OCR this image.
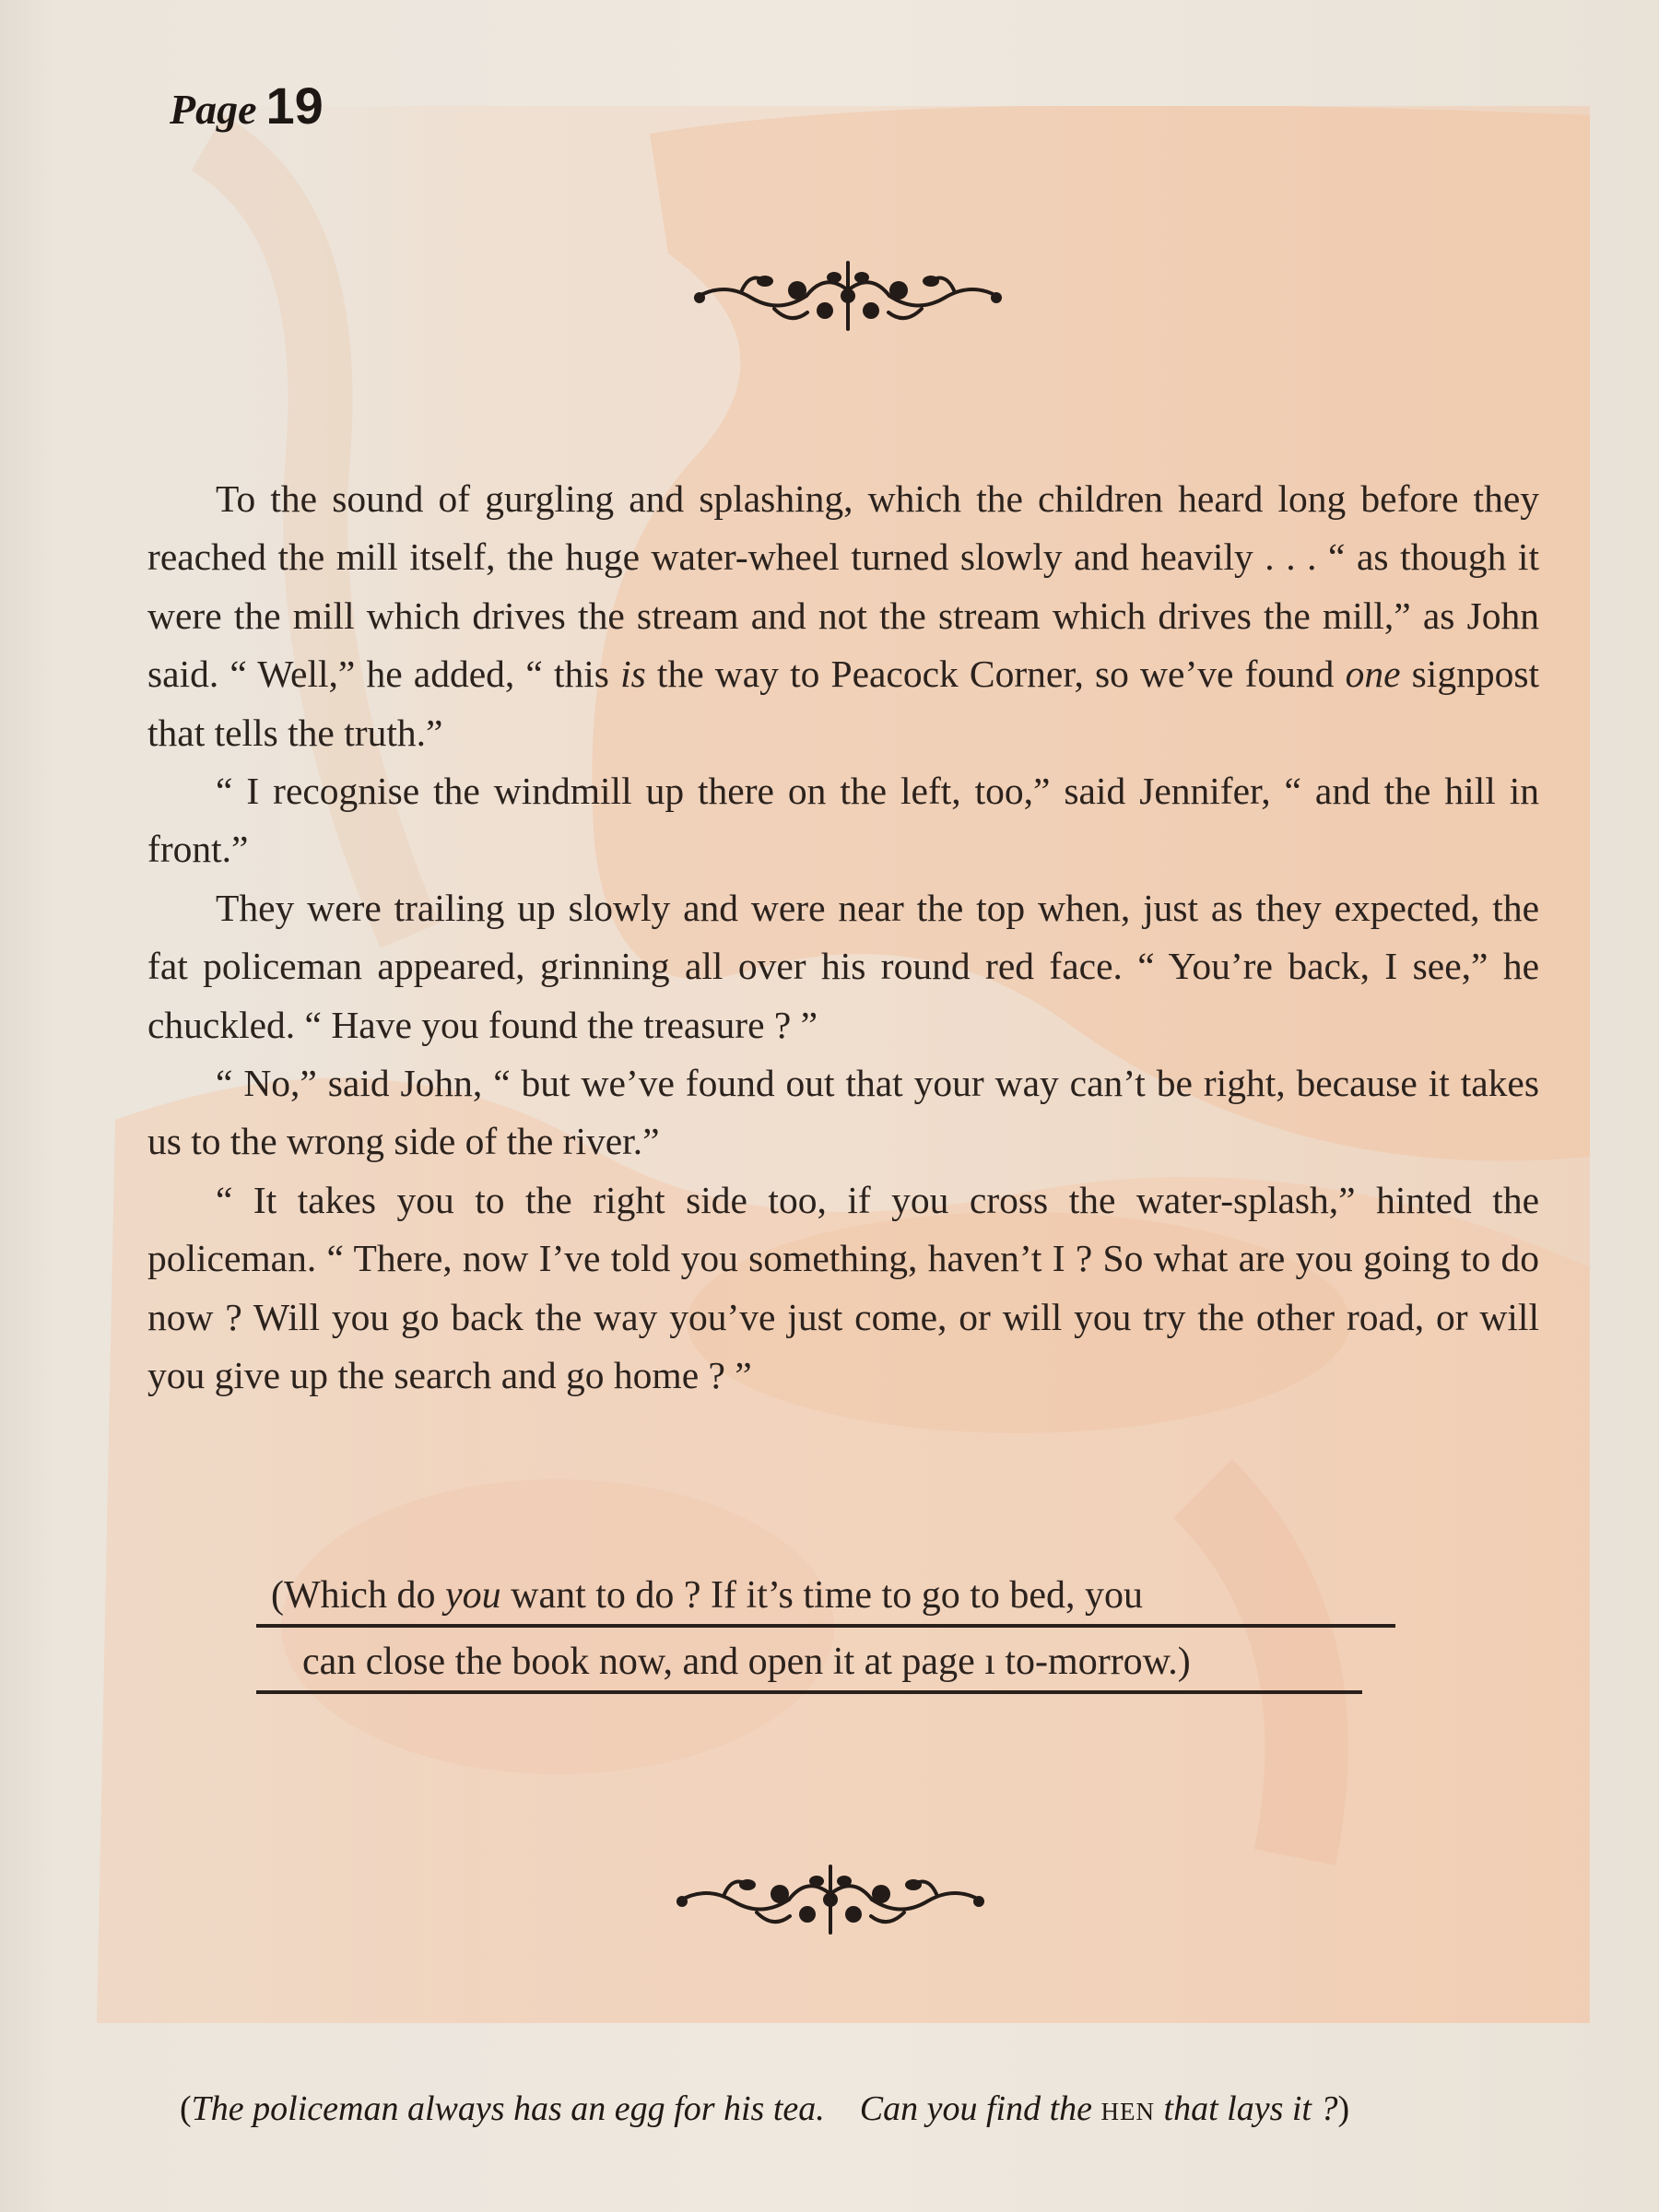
Page 19

To the sound of gurgling and splashing, which the children heard long before they reached the mill itself, the huge water-wheel turned slowly and heavily . . . “ as though it were the mill which drives the stream and not the stream which drives the mill,” as John said. “ Well,” he added, “ this is the way to Peacock Corner, so we’ve found one signpost that tells the truth.”

“ I recognise the windmill up there on the left, too,” said Jennifer, “ and the hill in front.”

They were trailing up slowly and were near the top when, just as they expected, the fat policeman appeared, grinning all over his round red face. “ You’re back, I see,” he chuckled. “ Have you found the treasure ? ”

“ No,” said John, “ but we’ve found out that your way can’t be right, because it takes us to the wrong side of the river.”

“ It takes you to the right side too, if you cross the water-splash,” hinted the policeman. “ There, now I’ve told you something, haven’t I ? So what are you going to do now ? Will you go back the way you’ve just come, or will you try the other road, or will you give up the search and go home ? ”

(Which do you want to do ? If it’s time to go to bed, you
can close the book now, and open it at page ı to-morrow.)
(The policeman always has an egg for his tea. Can you find the hen that lays it ?)
